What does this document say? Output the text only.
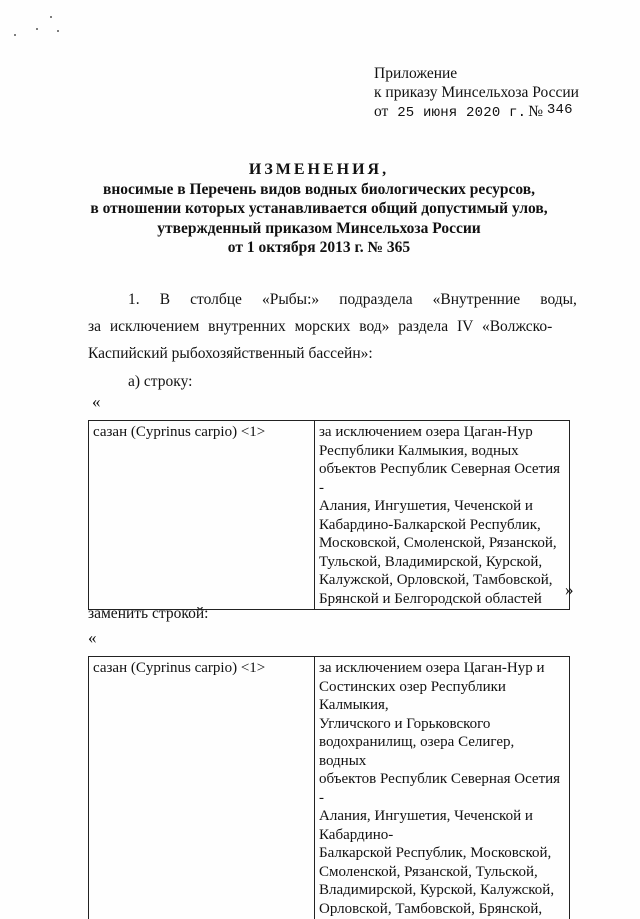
Приложение
к приказу Минсельхоза России
от 25 июня 2020 г. № 346
ИЗМЕНЕНИЯ,
вносимые в Перечень видов водных биологических ресурсов,
в отношении которых устанавливается общий допустимый улов,
утвержденный приказом Минсельхоза России
от 1 октября 2013 г. № 365
1. В столбце «Рыбы:» подраздела «Внутренние воды,
за исключением внутренних морских вод» раздела IV «Волжско-
Каспийский рыбохозяйственный бассейн»:
а) строку:
«
сазан (Cyprinus carpio) <1>	за исключением озера Цаган-Нур
Республики Калмыкия, водных
объектов Республик Северная Осетия -
Алания, Ингушетия, Чеченской и
Кабардино-Балкарской Республик,
Московской, Смоленской, Рязанской,
Тульской, Владимирской, Курской,
Калужской, Орловской, Тамбовской,
Брянской и Белгородской областей »
заменить строкой:
«
сазан (Cyprinus carpio) <1>	за исключением озера Цаган-Нур и
Состинских озер Республики Калмыкия,
Угличского и Горьковского
водохранилищ, озера Селигер, водных
объектов Республик Северная Осетия -
Алания, Ингушетия, Чеченской и
Кабардино-
Балкарской Республик, Московской,
Смоленской, Рязанской, Тульской,
Владимирской, Курской, Калужской,
Орловской, Тамбовской, Брянской,
